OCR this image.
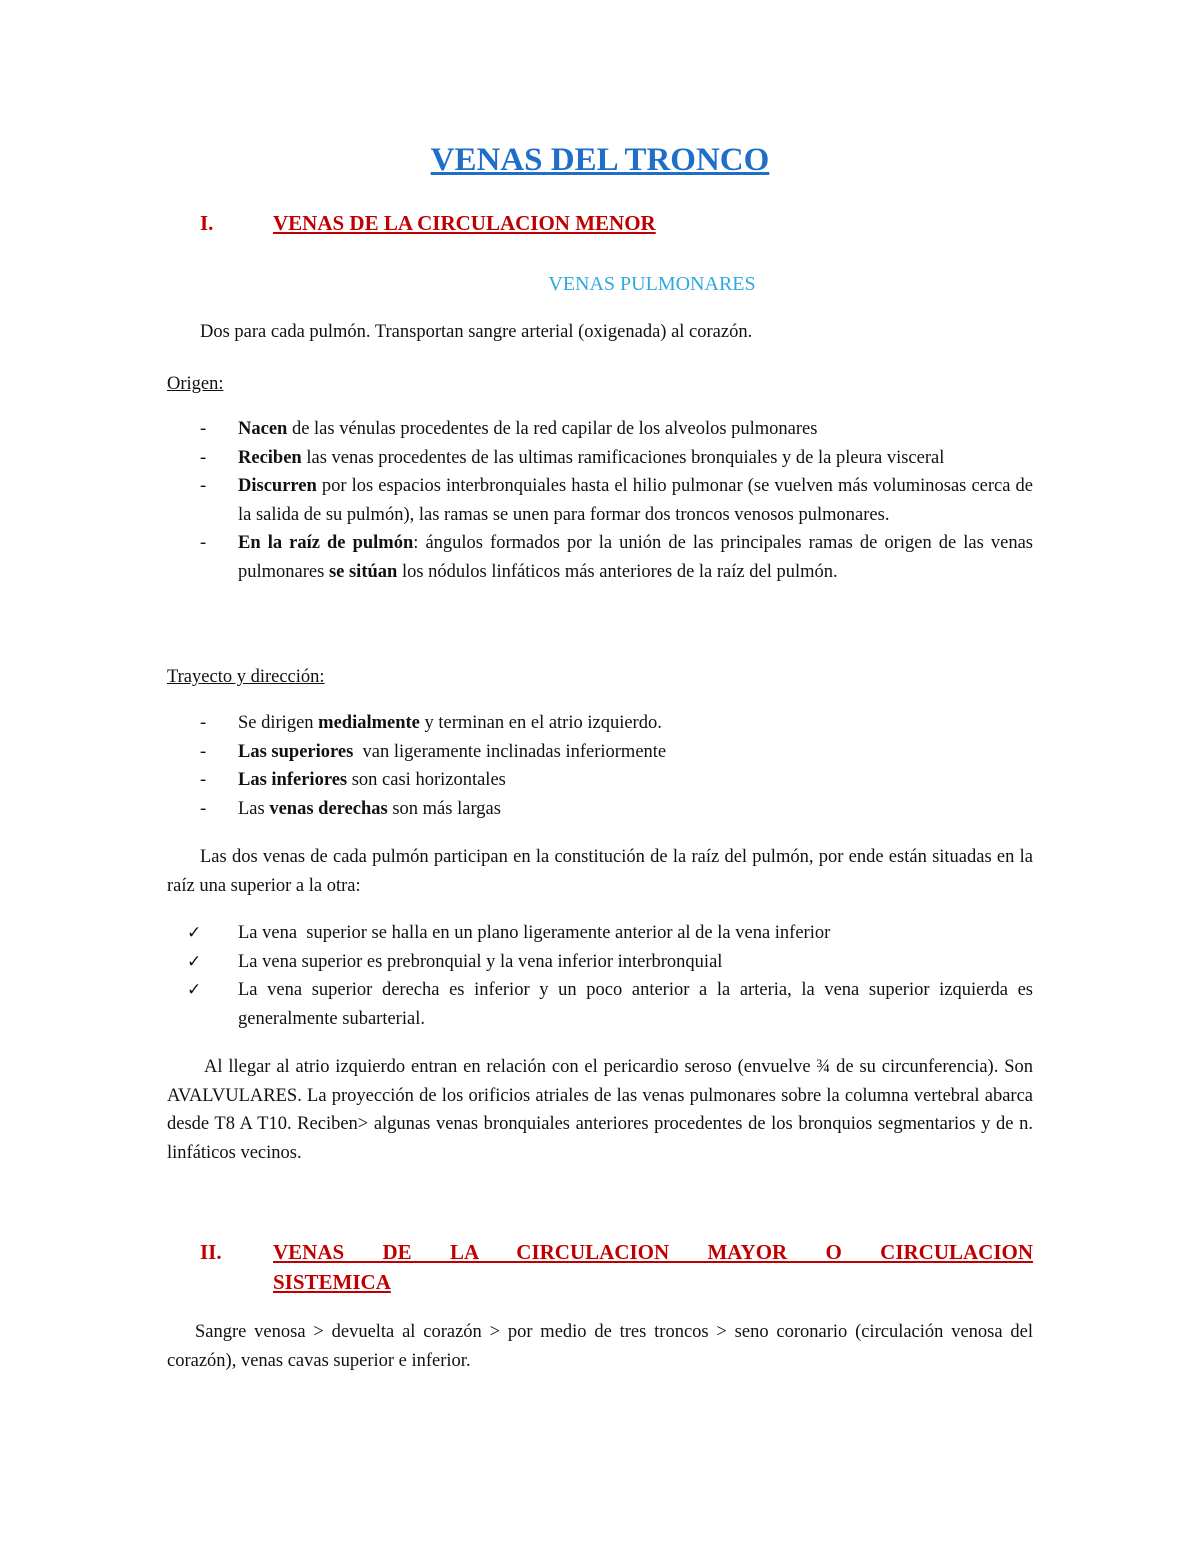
VENAS DEL TRONCO
I.	VENAS DE LA CIRCULACION MENOR
VENAS PULMONARES
Dos para cada pulmón. Transportan sangre arterial (oxigenada) al corazón.
Origen:
- Nacen de las vénulas procedentes de la red capilar de los alveolos pulmonares
- Reciben las venas procedentes de las ultimas ramificaciones bronquiales y de la pleura visceral
- Discurren por los espacios interbronquiales hasta el hilio pulmonar (se vuelven más voluminosas cerca de la salida de su pulmón), las ramas se unen para formar dos troncos venosos pulmonares.
- En la raíz de pulmón: ángulos formados por la unión de las principales ramas de origen de las venas pulmonares se sitúan los nódulos linfáticos más anteriores de la raíz del pulmón.
Trayecto y dirección:
- Se dirigen medialmente y terminan en el atrio izquierdo.
- Las superiores  van ligeramente inclinadas inferiormente
- Las inferiores son casi horizontales
- Las venas derechas son más largas
Las dos venas de cada pulmón participan en la constitución de la raíz del pulmón, por ende están situadas en la raíz una superior a la otra:
✓ La vena  superior se halla en un plano ligeramente anterior al de la vena inferior
✓ La vena superior es prebronquial y la vena inferior interbronquial
✓ La vena superior derecha es inferior y un poco anterior a la arteria, la vena superior izquierda es generalmente subarterial.
Al llegar al atrio izquierdo entran en relación con el pericardio seroso (envuelve ¾ de su circunferencia). Son AVALVULARES. La proyección de los orificios atriales de las venas pulmonares sobre la columna vertebral abarca desde T8 A T10. Reciben> algunas venas bronquiales anteriores procedentes de los bronquios segmentarios y de n. linfáticos vecinos.
II. VENAS DE LA CIRCULACION MAYOR O CIRCULACION
SISTEMICA
Sangre venosa > devuelta al corazón > por medio de tres troncos > seno coronario (circulación venosa del corazón), venas cavas superior e inferior.
